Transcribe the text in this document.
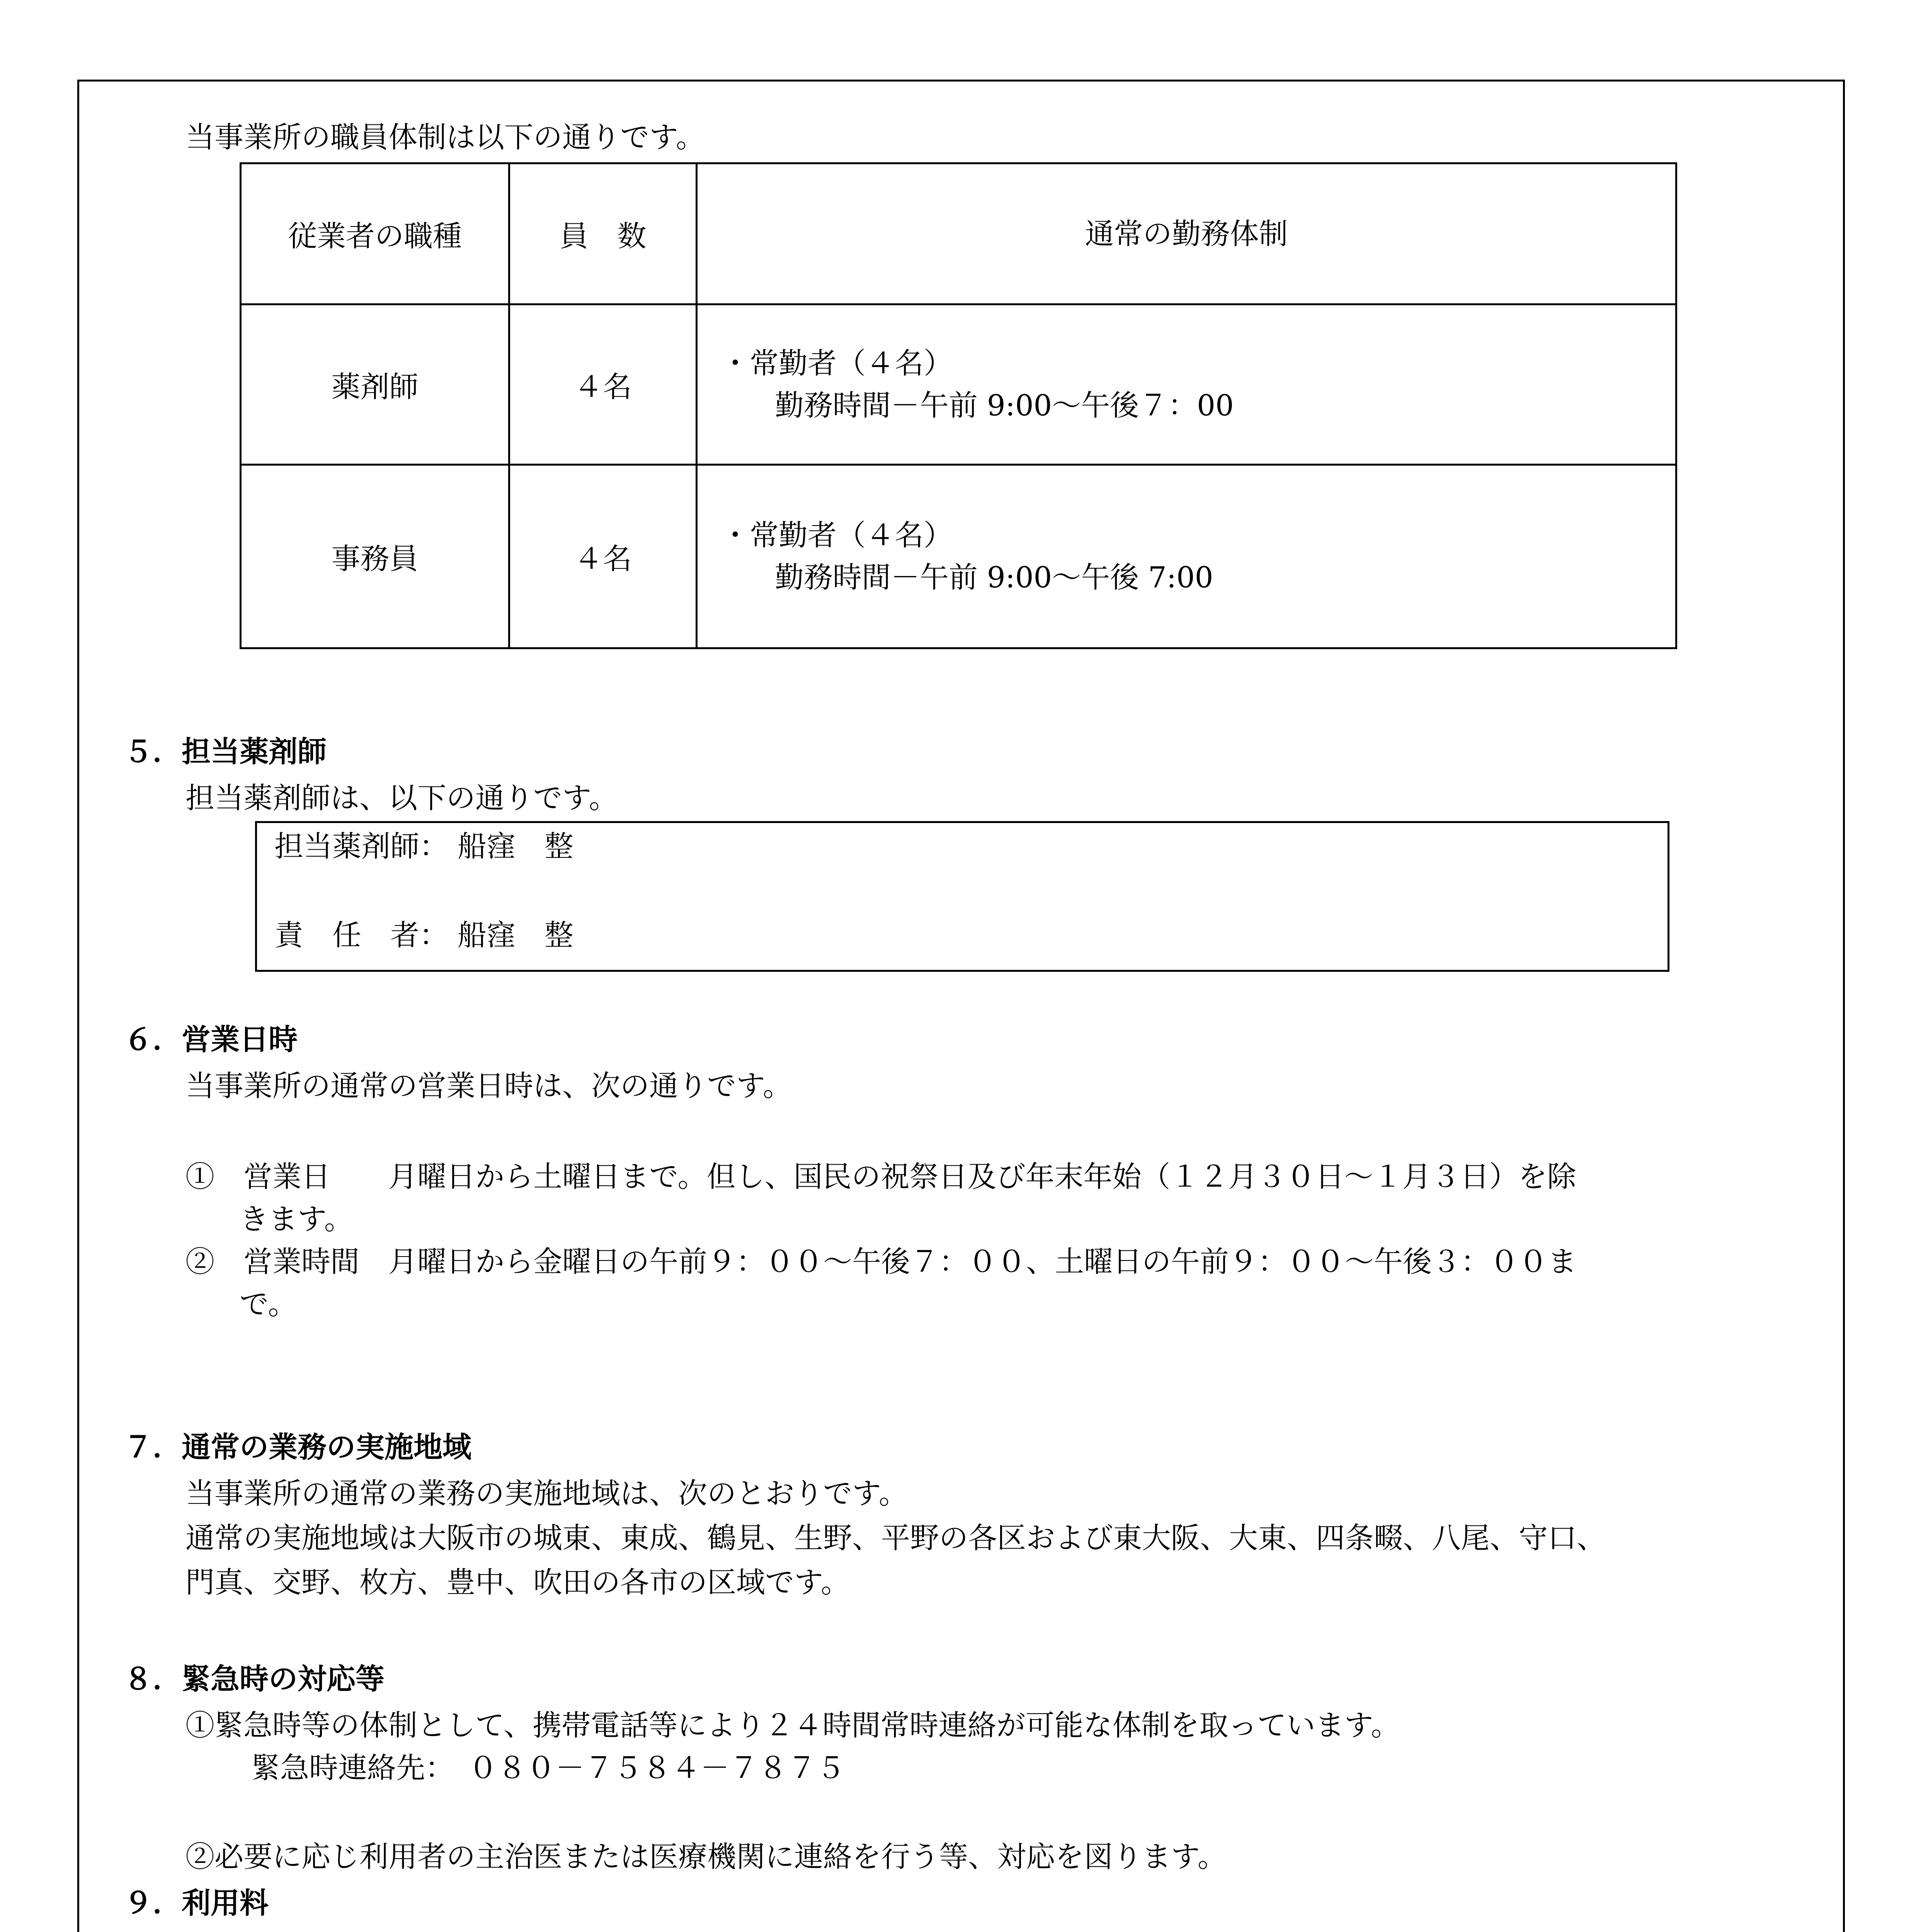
当事業所の職員体制は以下の通りです。
従業者の職種	員　数	通常の勤務体制
薬剤師	４名	・常勤者（４名）
勤務時間－午前 9:00～午後７：00

事務員	４名	・常勤者（４名）
勤務時間－午前 9:00～午後 7:00
５．担当薬剤師
担当薬剤師は、以下の通りです。
担当薬剤師： 船窪　整
責　任　者： 船窪　整
６．営業日時
当事業所の通常の営業日時は、次の通りです。
①　営業日　　月曜日から土曜日まで。但し、国民の祝祭日及び年末年始（１２月３０日～１月３日）を除
きます。
②　営業時間　月曜日から金曜日の午前９：００～午後７：００、土曜日の午前９：００～午後３：００ま
で。
７．通常の業務の実施地域
当事業所の通常の業務の実施地域は、次のとおりです。
通常の実施地域は大阪市の城東、東成、鶴見、生野、平野の各区および東大阪、大東、四条畷、八尾、守口、
門真、交野、枚方、豊中、吹田の各市の区域です。
８．緊急時の対応等
①緊急時等の体制として、携帯電話等により２４時間常時連絡が可能な体制を取っています。
緊急時連絡先：　０８０－７５８４－７８７５
②必要に応じ利用者の主治医または医療機関に連絡を行う等、対応を図ります。
９．利用料
